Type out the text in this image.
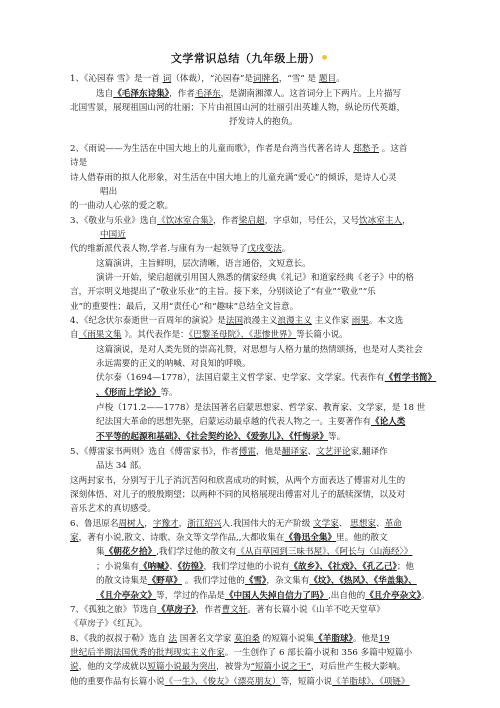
文学常识总结（九年级上册）•
1、《沁园春 雪》是一首 词（体裁），“沁园春”是词牌名，“雪” 是 题目。
选自《毛泽东诗集》，作者毛泽东，是湖南湘潭人。这首词分上下两片。上片描写
北国雪景，展现祖国山河的壮丽；下片由祖国山河的壮丽引出英雄人物，纵论历代英雄，
抒发诗人的抱负。
2、《雨说——为生活在中国大地上的儿童而歌》，作者是台湾当代著名诗人 郑愁予 。这首
诗是
诗人借春雨的拟人化形象，对生活在中国大地上的儿童充满“爱心”的倾诉，是诗人心灵
唱出
的一曲动人心弦的爱之歌。
3、《敬业与乐业》选自《饮冰室合集》，作者梁启超，字卓如，号任公，又号饮冰室主人，
中国近
代的维新派代表人物,学者.与康有为一起领导了戊戌变法。
这篇演讲，主旨鲜明，层次清晰，语言通俗，文短意长。
演讲一开始，梁启超就引用国人熟悉的儒家经典《礼记》和道家经典《老子》中的格
言，开宗明义地提出了“敬业乐业”的主旨。接下来，分别谈论了“有业”“敬业”“乐
业”的重要性；最后，又用“责任心”和“趣味”总结全文旨意。
4、《纪念伏尔泰逝世一百周年的演说》是法国浪漫主义浪漫主义 主义作家 雨果。本文选
自《雨果文集 》。其代表作是：《巴黎圣母院》、《悲惨世界》等长篇小说。
这篇演说，是对人类先贤的崇高礼赞，对思想与人格力量的热情颂扬，也是对人类社会
永远需要的正义的呐喊、对良知的呼唤。
伏尔泰（1694—1778），法国启蒙主义哲学家、史学家、文学家。代表作有《哲学书简》
、《形而上学论》等。
卢梭（171.2——1778）是法国著名启蒙思想家、哲学家、教育家、文学家，是 18 世
纪法国大革命的思想先驱，启蒙运动最卓越的代表人物之一。主要著作有《论人类
不平等的起源和基础》、《社会契约论》、《爱弥儿》、《忏悔录》等。
5、《傅雷家书两则》选自《傅雷家书》，作者傅雷，他是翻译家、文艺评论家,翻译作
品达 34 部。
这两封家书，分别写于儿子消沉苦闷和欣喜成功的时候，从两个方面表达了傅雷对儿生的
深刻体悟、对儿子的殷殷期望；以两种不同的风格展现出傅雷对儿子的舐犊深情，以及对
音乐艺术的真切感受。
6、鲁迅原名周树人，字豫才，浙江绍兴人.我国伟大的无产阶级 文学家、 思想家、革命
家，著有小说,散文、诗歌、杂文等文学作品,,大都收集在《鲁迅全集》里。他的散文
集《朝花夕拾》,我们学过他的散文有《从百草园到三味书屋》、《阿长与〈山海经〉》
；小说集有《呐喊》、《彷徨》，我们学过他的小说有《故乡》、《社戏》、《孔乙己》；他
的散文诗集是《野草》 。我们学过他的《雪》，杂文集有《坟》、《热风》、《华盖集》、
《且介亭杂文》等，学过的作品是《中国人失掉自信力了吗》,出自他的《且介亭杂文》。
7、《孤独之旅》节选自《草房子》，作者曹文轩。著有长篇小说《山羊不吃天堂草》
《草房子》《红瓦》。
8、《我的叔叔于勒》选自 法 国著名文学家 莫泊桑 的短篇小说集《羊脂球》。他是19
世纪后半期法国优秀的批判现实主义作家。一生创作了 6 部长篇小说和 356 多篇中短篇小
说，他的文学成就以短篇小说最为突出，被誉为“短篇小说之王”，对后世产生极大影响。
他的重要作品有长篇小说《一生》、《俊友》（漂亮朋友）等，短篇小说《羊脂球》、《项链》
